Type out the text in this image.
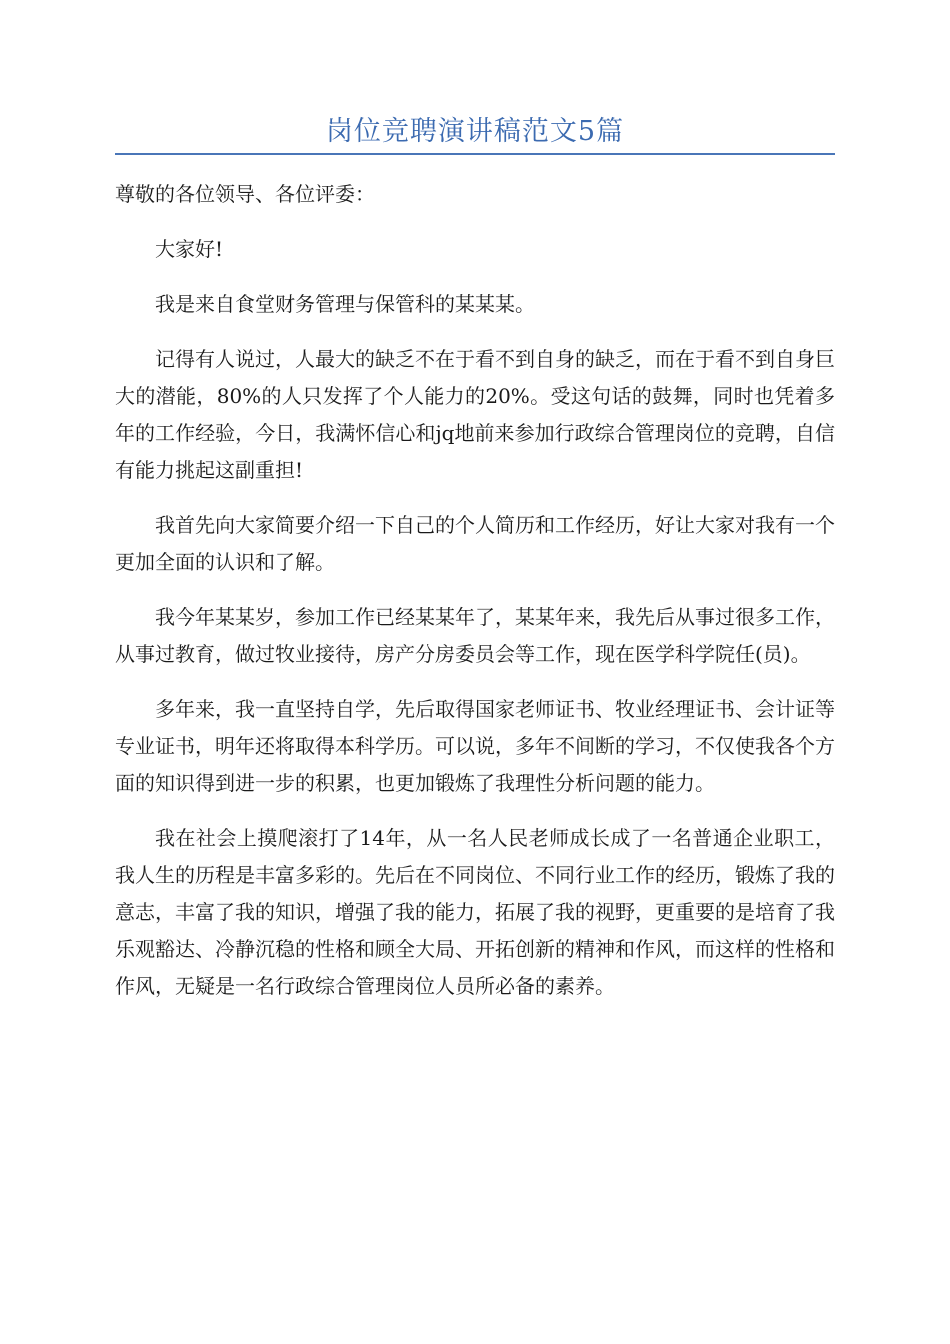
岗位竞聘演讲稿范文5篇

尊敬的各位领导、各位评委：

大家好!

我是来自食堂财务管理与保管科的某某某。

记得有人说过，人最大的缺乏不在于看不到自身的缺乏，而在于看不到自身巨大的潜能，80%的人只发挥了个人能力的20%。受这句话的鼓舞，同时也凭着多年的工作经验，今日，我满怀信心和jq地前来参加行政综合管理岗位的竞聘，自信有能力挑起这副重担!

我首先向大家简要介绍一下自己的个人简历和工作经历，好让大家对我有一个更加全面的认识和了解。

我今年某某岁，参加工作已经某某年了，某某年来，我先后从事过很多工作，从事过教育，做过牧业接待，房产分房委员会等工作，现在医学科学院任(员)。

多年来，我一直坚持自学，先后取得国家老师证书、牧业经理证书、会计证等专业证书，明年还将取得本科学历。可以说，多年不间断的学习，不仅使我各个方面的知识得到进一步的积累，也更加锻炼了我理性分析问题的能力。

我在社会上摸爬滚打了14年，从一名人民老师成长成了一名普通企业职工，我人生的历程是丰富多彩的。先后在不同岗位、不同行业工作的经历，锻炼了我的意志，丰富了我的知识，增强了我的能力，拓展了我的视野，更重要的是培育了我乐观豁达、冷静沉稳的性格和顾全大局、开拓创新的精神和作风，而这样的性格和作风，无疑是一名行政综合管理岗位人员所必备的素养。
